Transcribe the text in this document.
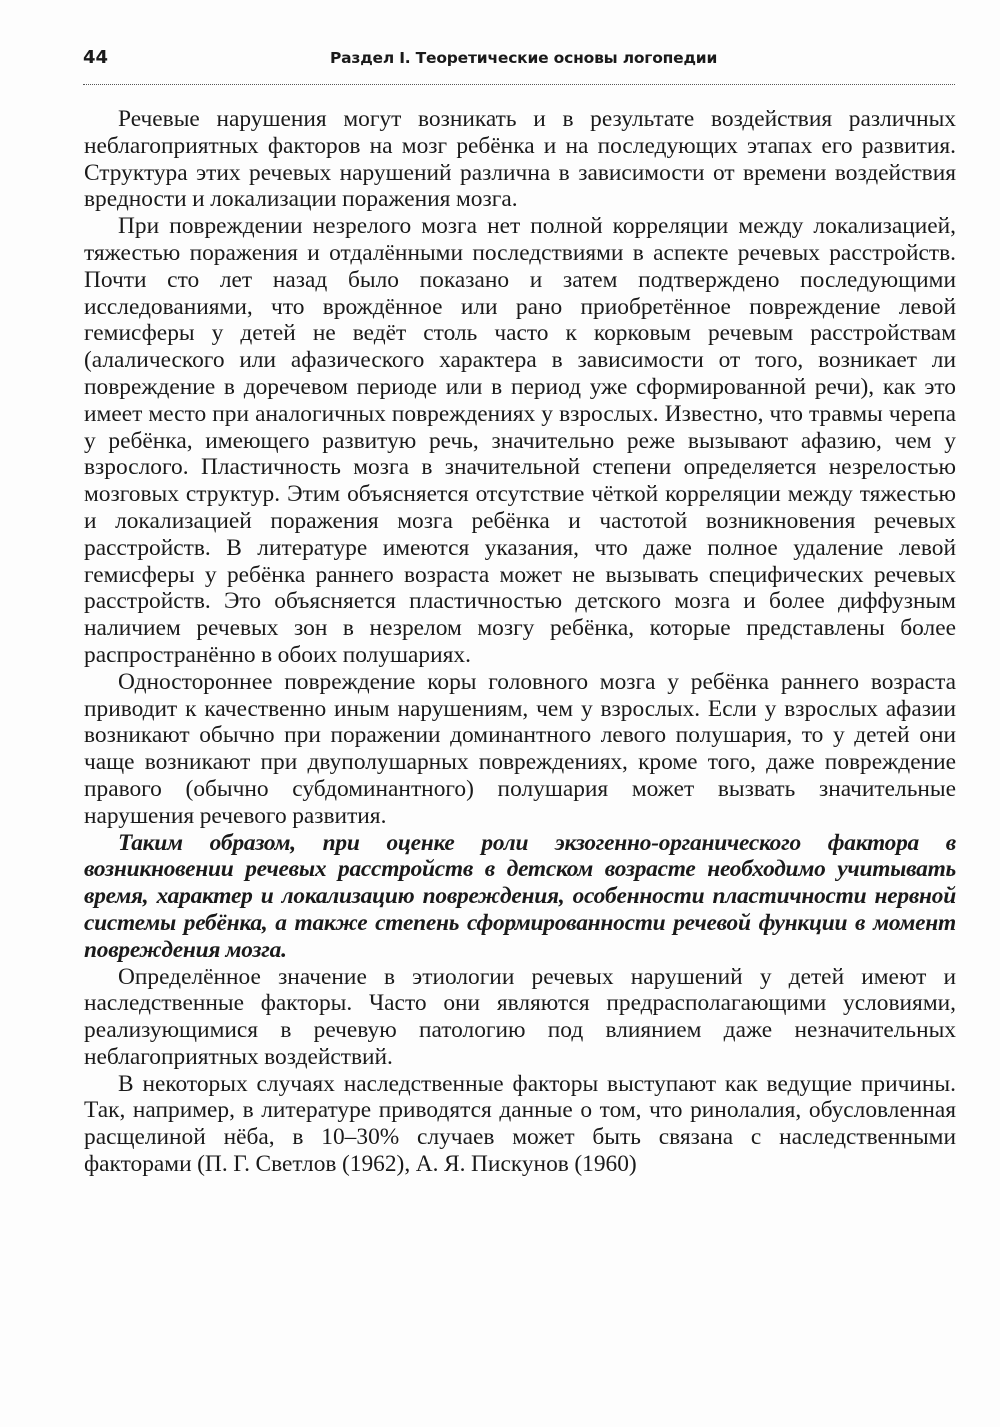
44	Раздел I. Теоретические основы логопедии

Речевые нарушения могут возникать и в результате воздействия различных неблагоприятных факторов на мозг ребёнка и на последующих этапах его развития. Структура этих речевых нарушений различна в зависимости от времени воздействия вредности и локализации поражения мозга.

При повреждении незрелого мозга нет полной корреляции между локализацией, тяжестью поражения и отдалёнными последствиями в аспекте речевых расстройств. Почти сто лет назад было показано и затем подтверждено последующими исследованиями, что врождённое или рано приобретённое повреждение левой гемисферы у детей не ведёт столь часто к корковым речевым расстройствам (алалического или афазического характера в зависимости от того, возникает ли повреждение в доречевом периоде или в период уже сформированной речи), как это имеет место при аналогичных повреждениях у взрослых. Известно, что травмы черепа у ребёнка, имеющего развитую речь, значительно реже вызывают афазию, чем у взрослого. Пластичность мозга в значительной степени определяется незрелостью мозговых структур. Этим объясняется отсутствие чёткой корреляции между тяжестью и локализацией поражения мозга ребёнка и частотой возникновения речевых расстройств. В литературе имеются указания, что даже полное удаление левой гемисферы у ребёнка раннего возраста может не вызывать специфических речевых расстройств. Это объясняется пластичностью детского мозга и более диффузным наличием речевых зон в незрелом мозгу ребёнка, которые представлены более распространённо в обоих полушариях.

Одностороннее повреждение коры головного мозга у ребёнка раннего возраста приводит к качественно иным нарушениям, чем у взрослых. Если у взрослых афазии возникают обычно при поражении доминантного левого полушария, то у детей они чаще возникают при двуполушарных повреждениях, кроме того, даже повреждение правого (обычно субдоминантного) полушария может вызвать значительные нарушения речевого развития.

Таким образом, при оценке роли экзогенно-органического фактора в возникновении речевых расстройств в детском возрасте необходимо учитывать время, характер и локализацию повреждения, особенности пластичности нервной системы ребёнка, а также степень сформированности речевой функции в момент повреждения мозга.

Определённое значение в этиологии речевых нарушений у детей имеют и наследственные факторы. Часто они являются предрасполагающими условиями, реализующимися в речевую патологию под влиянием даже незначительных неблагоприятных воздействий.

В некоторых случаях наследственные факторы выступают как ведущие причины. Так, например, в литературе приводятся данные о том, что ринолалия, обусловленная расщелиной нёба, в 10–30% случаев может быть связана с наследственными факторами (П. Г. Светлов (1962), А. Я. Пискунов (1960)
